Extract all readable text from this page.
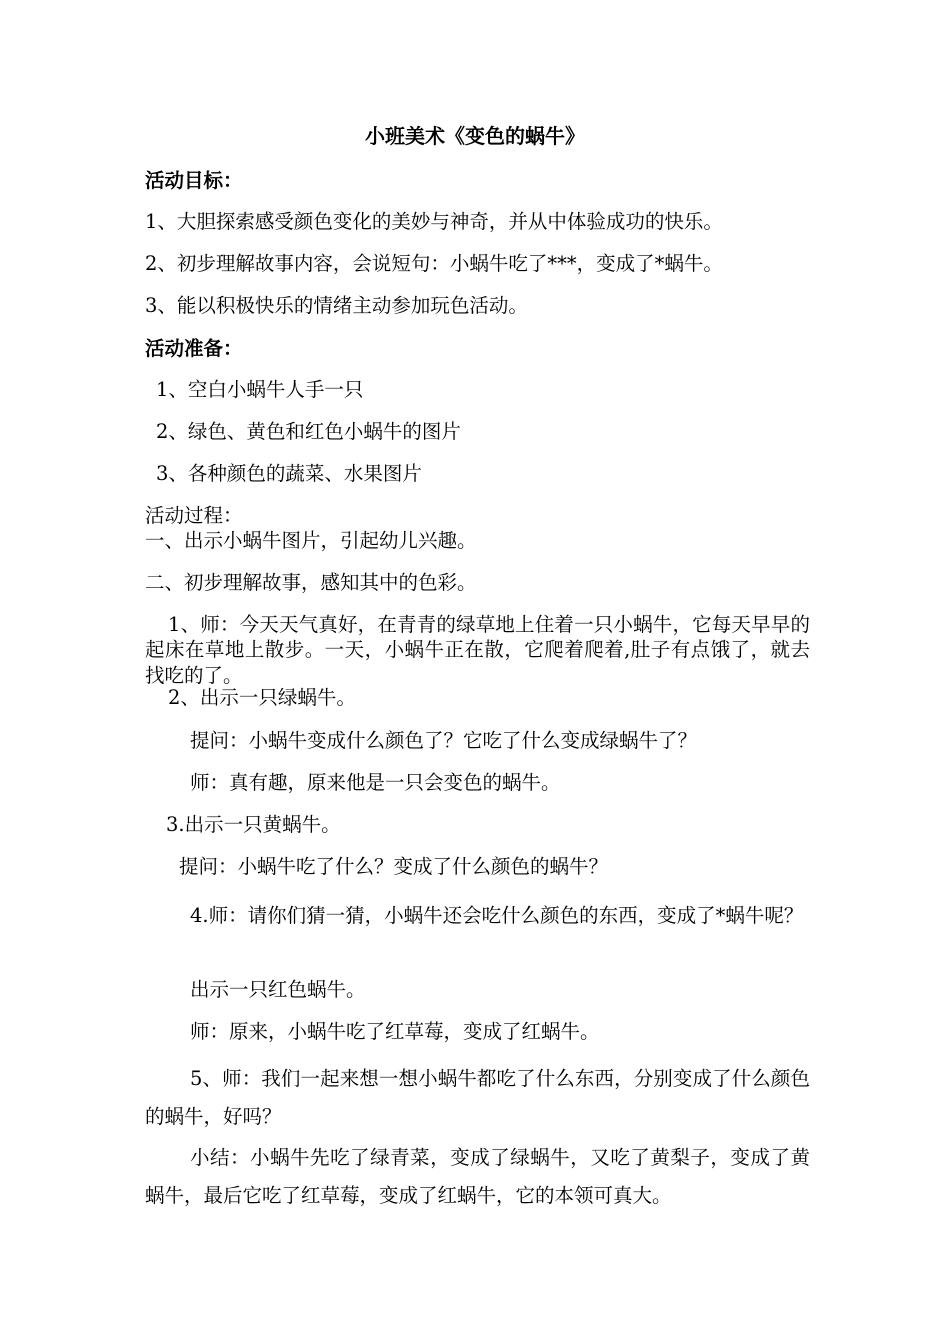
小班美术《变色的蜗牛》
活动目标：
1、大胆探索感受颜色变化的美妙与神奇，并从中体验成功的快乐。
2、初步理解故事内容，会说短句：小蜗牛吃了***，变成了*蜗牛。
3、能以积极快乐的情绪主动参加玩色活动。
活动准备：
1、空白小蜗牛人手一只
2、绿色、黄色和红色小蜗牛的图片
3、各种颜色的蔬菜、水果图片
活动过程：
一、出示小蜗牛图片，引起幼儿兴趣。
二、初步理解故事，感知其中的色彩。
1、师：今天天气真好，在青青的绿草地上住着一只小蜗牛，它每天早早的起床在草地上散步。一天，小蜗牛正在散，它爬着爬着,肚子有点饿了，就去找吃的了。
2、出示一只绿蜗牛。
提问：小蜗牛变成什么颜色了？它吃了什么变成绿蜗牛了？
师：真有趣，原来他是一只会变色的蜗牛。
3.出示一只黄蜗牛。
提问：小蜗牛吃了什么？变成了什么颜色的蜗牛？
4.师：请你们猜一猜，小蜗牛还会吃什么颜色的东西，变成了*蜗牛呢？
出示一只红色蜗牛。
师：原来，小蜗牛吃了红草莓，变成了红蜗牛。
5、师：我们一起来想一想小蜗牛都吃了什么东西，分别变成了什么颜色的蜗牛，好吗？
小结：小蜗牛先吃了绿青菜，变成了绿蜗牛，又吃了黄梨子，变成了黄蜗牛，最后它吃了红草莓，变成了红蜗牛，它的本领可真大。
